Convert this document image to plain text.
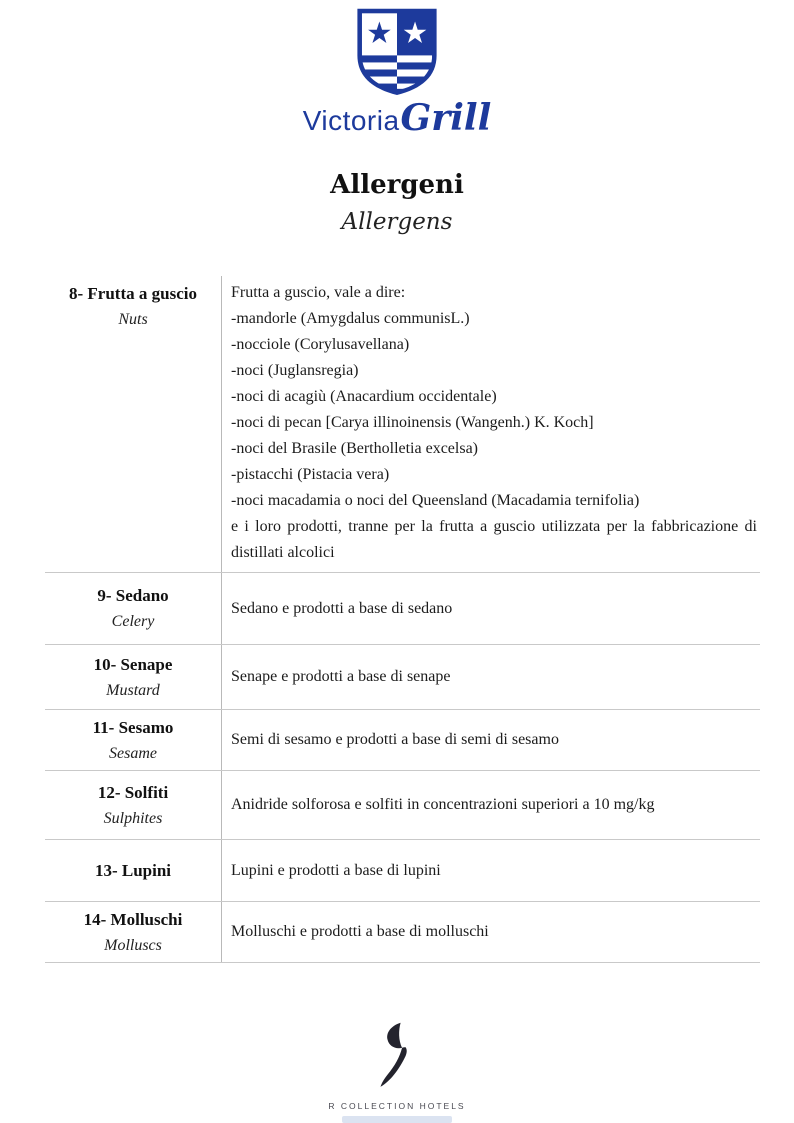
Victoria Grill
Allergeni
Allergens
8- Frutta a guscio
Nuts
Frutta a guscio, vale a dire:
-mandorle (Amygdalus communisL.)
-nocciole (Corylusavellana)
-noci (Juglansregia)
-noci di acagiù (Anacardium occidentale)
-noci di pecan [Carya illinoinensis (Wangenh.) K. Koch]
-noci del Brasile (Bertholletia excelsa)
-pistacchi (Pistacia vera)
-noci macadamia o noci del Queensland (Macadamia ternifolia)
e i loro prodotti, tranne per la frutta a guscio utilizzata per la fabbricazione di distillati alcolici
9- Sedano
Celery
Sedano e prodotti a base di sedano
10- Senape
Mustard
Senape e prodotti a base di senape
11- Sesamo
Sesame
Semi di sesamo e prodotti a base di semi di sesamo
12- Solfiti
Sulphites
Anidride solforosa e solfiti in concentrazioni superiori a 10 mg/kg
13- Lupini	Lupini e prodotti a base di lupini
14- Molluschi
Molluscs
Molluschi e prodotti a base di molluschi
R COLLECTION HOTELS
